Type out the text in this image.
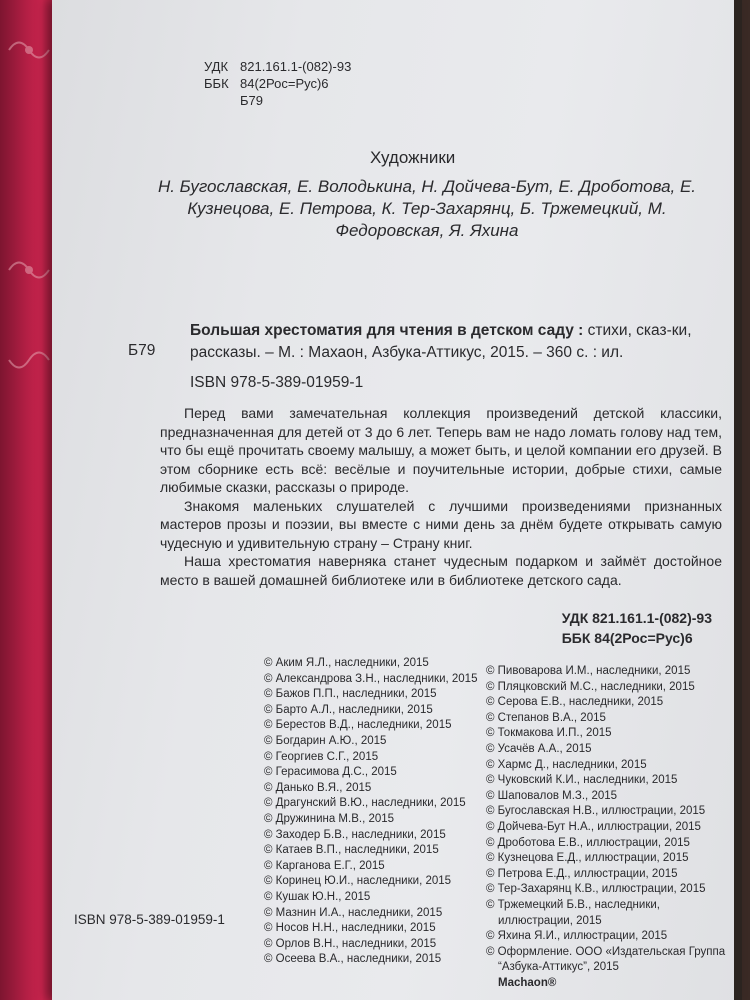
УДК 821.161.1-(082)-93
ББК 84(2Рос=Рус)6
Б79
Художники
Н. Бугославская, Е. Володькина, Н. Дойчева-Бут, Е. Дроботова, Е. Кузнецова, Е. Петрова, К. Тер-Захарянц, Б. Тржемецкий, М. Федоровская, Я. Яхина
Б79
Большая хрестоматия для чтения в детском саду : стихи, сказ-ки, рассказы. – М. : Махаон, Азбука-Аттикус, 2015. – 360 с. : ил.
ISBN 978-5-389-01959-1

Перед вами замечательная коллекция произведений детской классики, предназначенная для детей от 3 до 6 лет. Теперь вам не надо ломать голову над тем, что бы ещё прочитать своему малышу, а может быть, и целой компании его друзей. В этом сборнике есть всё: весёлые и поучительные истории, добрые стихи, самые любимые сказки, рассказы о природе.

Знакомя маленьких слушателей с лучшими произведениями признанных мастеров прозы и поэзии, вы вместе с ними день за днём будете открывать самую чудесную и удивительную страну – Страну книг.

Наша хрестоматия наверняка станет чудесным подарком и займёт достойное место в вашей домашней библиотеке или в библиотеке детского сада.

УДК 821.161.1-(082)-93
ББК 84(2Рос=Рус)6
© Аким Я.Л., наследники, 2015
© Александрова З.Н., наследники, 2015
© Бажов П.П., наследники, 2015
© Барто А.Л., наследники, 2015
© Берестов В.Д., наследники, 2015
© Богдарин А.Ю., 2015
© Георгиев С.Г., 2015
© Герасимова Д.С., 2015
© Данько В.Я., 2015
© Драгунский В.Ю., наследники, 2015
© Дружинина М.В., 2015
© Заходер Б.В., наследники, 2015
© Катаев В.П., наследники, 2015
© Карганова Е.Г., 2015
© Коринец Ю.И., наследники, 2015
© Кушак Ю.Н., 2015
© Мазнин И.А., наследники, 2015
© Носов Н.Н., наследники, 2015
© Орлов В.Н., наследники, 2015
© Осеева В.А., наследники, 2015
© Пивоварова И.М., наследники, 2015
© Пляцковский М.С., наследники, 2015
© Серова Е.В., наследники, 2015
© Степанов В.А., 2015
© Токмакова И.П., 2015
© Усачёв А.А., 2015
© Хармс Д., наследники, 2015
© Чуковский К.И., наследники, 2015
© Шаповалов М.З., 2015
© Бугославская Н.В., иллюстрации, 2015
© Дойчева-Бут Н.А., иллюстрации, 2015
© Дроботова Е.В., иллюстрации, 2015
© Кузнецова Е.Д., иллюстрации, 2015
© Петрова Е.Д., иллюстрации, 2015
© Тер-Захарянц К.В., иллюстрации, 2015
© Тржемецкий Б.В., наследники,
иллюстрации, 2015
© Яхина Я.И., иллюстрации, 2015
© Оформление. ООО «Издательская Группа
“Азбука-Аттикус”, 2015
Machaon®
ISBN 978-5-389-01959-1
